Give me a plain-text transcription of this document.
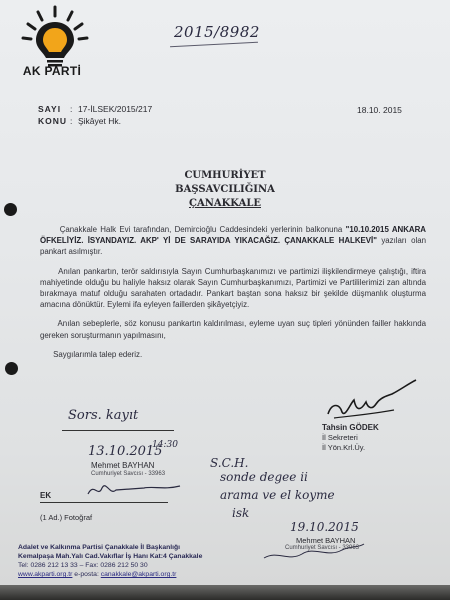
AK PARTİ
2015/8982
SAYI : 17-İLSEK/2015/217
KONU : Şikâyet Hk.
18.10. 2015
CUMHURİYET BAŞSAVCILIĞINA
ÇANAKKALE

Çanakkale Halk Evi tarafından, Demircioğlu Caddesindeki yerlerinin balkonuna "10.10.2015 ANKARA ÖFKELİYİZ. İSYANDAYIZ. AKP' Yİ DE SARAYIDA YIKACAĞIZ. ÇANAKKALE HALKEVİ" yazıları olan pankart asılmıştır.

Anılan pankartın, terör saldırısıyla Sayın Cumhurbaşkanımızı ve partimizi ilişkilendirmeye çalıştığı, iftira mahiyetinde olduğu bu haliyle haksız olarak Sayın Cumhurbaşkanımızı, Partimizi ve Partililerimizi zan altında bırakmaya matuf olduğu sarahaten ortadadır. Pankart baştan sona haksız bir şekilde düşmanlık oluşturma amacına dönüktür. Eylemi ifa eyleyen faillerden şikâyetçiyiz.

Anılan sebeplerle, söz konusu pankartın kaldırılması, eyleme uyan suç tipleri yönünden failler hakkında gereken soruşturmanın yapılmasını,

Saygılarımla talep ederiz.

Tahsin GÖDEK
İl Sekreteri
İl Yön.Krl.Üy.
Sors. kayıt
13.10.2015
14:30
Mehmet BAYHAN
Cumhuriyet Savcısı - 33963
S.C.H.
sonde degee ii
arama ve el koyme
isk
EK
(1 Ad.) Fotoğraf
19.10.2015
Mehmet BAYHAN
Cumhuriyet Savcısı - 33963
Adalet ve Kalkınma Partisi Çanakkale İl Başkanlığı
Kemalpaşa Mah.Yalı Cad.Vakıflar İş Hanı Kat:4 Çanakkale
Tel: 0286 212 13 33 – Fax: 0286 212 50 30
www.akparti.org.tr e-posta: canakkale@akparti.org.tr
